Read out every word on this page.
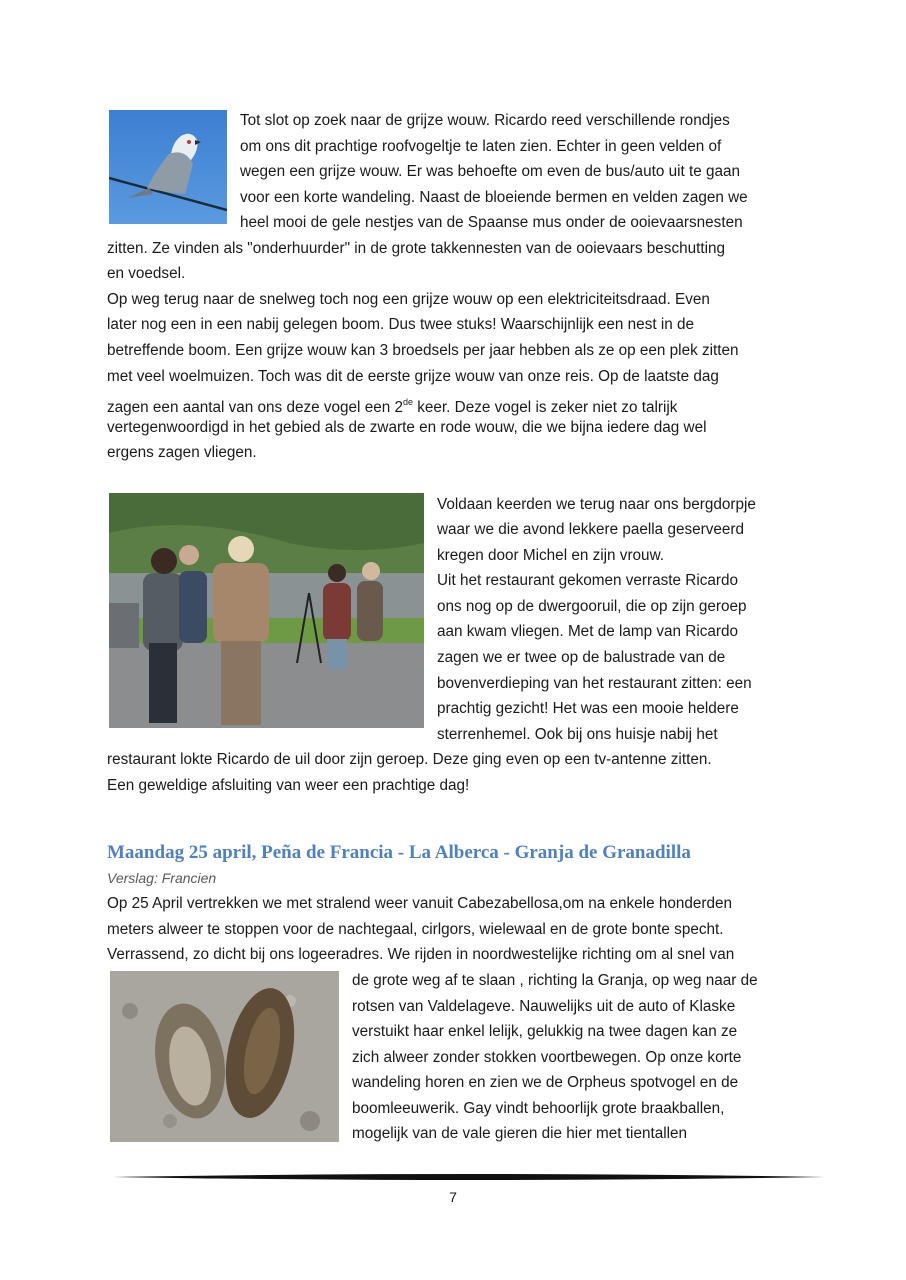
Tot slot op zoek naar de grijze wouw. Ricardo reed verschillende rondjes
om ons dit prachtige roofvogeltje te laten zien. Echter in geen velden of
wegen een grijze wouw. Er was behoefte om even de bus/auto uit te gaan
voor een korte wandeling. Naast de bloeiende bermen en velden zagen we
heel mooi de gele nestjes van de Spaanse mus onder de ooievaarsnesten
zitten. Ze vinden als "onderhuurder" in de grote takkennesten van de ooievaars beschutting
en voedsel.
Op weg terug naar de snelweg toch nog een grijze wouw op een elektriciteitsdraad. Even
later nog een in een nabij gelegen boom. Dus twee stuks! Waarschijnlijk een nest in de
betreffende boom. Een grijze wouw kan 3 broedsels per jaar hebben als ze op een plek zitten
met veel woelmuizen. Toch was dit de eerste grijze wouw van onze reis. Op de laatste dag
zagen een aantal van ons deze vogel een 2de keer. Deze vogel is zeker niet zo talrijk
vertegenwoordigd in het gebied als de zwarte en rode wouw, die we bijna iedere dag wel
ergens zagen vliegen.
Voldaan keerden we terug naar ons bergdorpje
waar we die avond lekkere paella geserveerd
kregen door Michel en zijn vrouw.
Uit het restaurant gekomen verraste Ricardo
ons nog op de dwergooruil, die op zijn geroep
aan kwam vliegen. Met de lamp van Ricardo
zagen we er twee op de balustrade van de
bovenverdieping van het restaurant zitten: een
prachtig gezicht! Het was een mooie heldere
sterrenhemel. Ook bij ons huisje nabij het
restaurant lokte Ricardo de uil door zijn geroep. Deze ging even op een tv-antenne zitten.
Een geweldige afsluiting van weer een prachtige dag!
Maandag 25 april, Peña de Francia - La Alberca - Granja de Granadilla
Verslag: Francien
Op 25 April vertrekken we met stralend weer vanuit Cabezabellosa,om na enkele honderden
meters alweer te stoppen voor de nachtegaal, cirlgors, wielewaal en de grote bonte specht.
Verrassend, zo dicht bij ons logeeradres. We rijden in noordwestelijke richting om al snel van
de grote weg af te slaan , richting la Granja, op weg naar de
rotsen van Valdelageve. Nauwelijks uit de auto of Klaske
verstuikt haar enkel lelijk, gelukkig na twee dagen kan ze
zich alweer zonder stokken voortbewegen. Op onze korte
wandeling horen en zien we de Orpheus spotvogel en de
boomleeuwerik. Gay vindt behoorlijk grote braakballen,
mogelijk van de vale gieren die hier met tientallen
7
